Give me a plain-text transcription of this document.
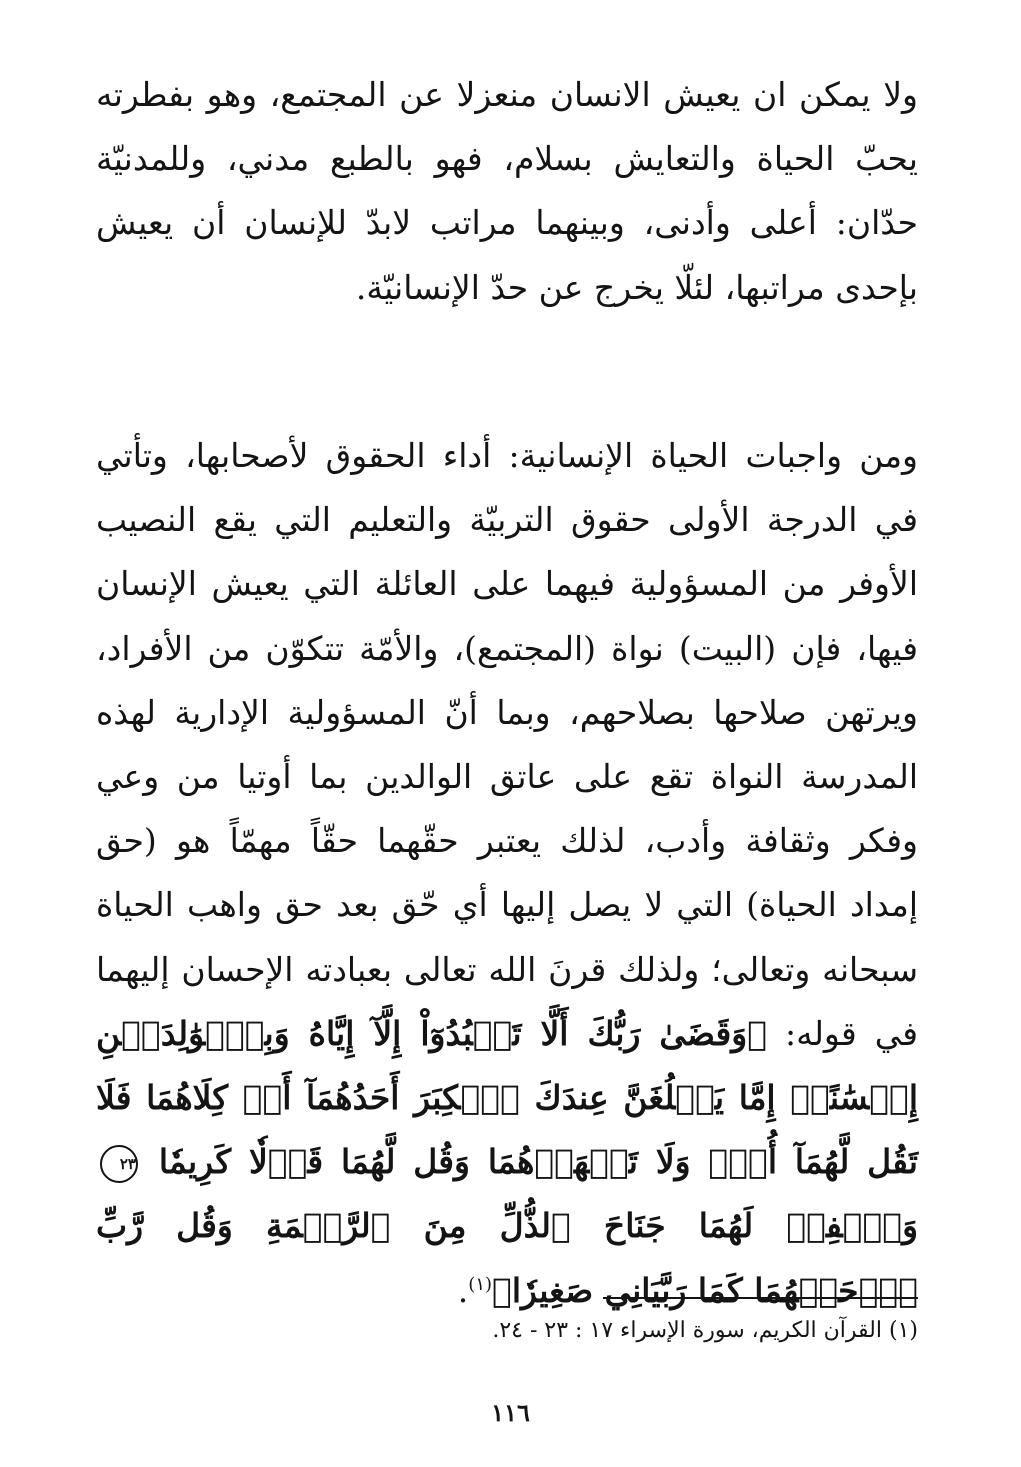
ولا يمكن ان يعيش الانسان منعزلا عن المجتمع، وهو بفطرته يحبّ الحياة والتعايش بسلام، فهو بالطبع مدني، وللمدنيّة حدّان: أعلى وأدنى، وبينهما مراتب لابدّ للإنسان أن يعيش بإحدى مراتبها، لئلّا يخرج عن حدّ الإنسانيّة.

ومن واجبات الحياة الإنسانية: أداء الحقوق لأصحابها، وتأتي في الدرجة الأولى حقوق التربيّة والتعليم التي يقع النصيب الأوفر من المسؤولية فيهما على العائلة التي يعيش الإنسان فيها، فإن (البيت) نواة (المجتمع)، والأمّة تتكوّن من الأفراد، ويرتهن صلاحها بصلاحهم، وبما أنّ المسؤولية الإدارية لهذه المدرسة النواة تقع على عاتق الوالدين بما أوتيا من وعي وفكر وثقافة وأدب، لذلك يعتبر حقّهما حقّاً مهمّاً هو (حق إمداد الحياة) التي لا يصل إليها أي حّق بعد حق واهب الحياة سبحانه وتعالى؛ ولذلك قرنَ الله تعالى بعبادته الإحسان إليهما في قوله: ﴿وَقَضَىٰ رَبُّكَ أَلَّا تَعۡبُدُوٓاْ إِلَّآ إِيَّاهُ وَبِٱلۡوَٰلِدَيۡنِ إِحۡسَٰنًاۚ إِمَّا يَبۡلُغَنَّ عِندَكَ ٱلۡكِبَرَ أَحَدُهُمَآ أَوۡ كِلَاهُمَا فَلَا تَقُل لَّهُمَآ أُفّٖ وَلَا تَنۡهَرۡهُمَا وَقُل لَّهُمَا قَوۡلٗا كَرِيمٗا ٢٣ وَٱخۡفِضۡ لَهُمَا جَنَاحَ ٱلذُّلِّ مِنَ ٱلرَّحۡمَةِ وَقُل رَّبِّ ٱرۡحَمۡهُمَا كَمَا رَبَّيَانِي صَغِيرٗا﴾$^{(١)}$.

(١) القرآن الكريم، سورة الإسراء ١٧ : ٢٣ - ٢٤.
١١٦
